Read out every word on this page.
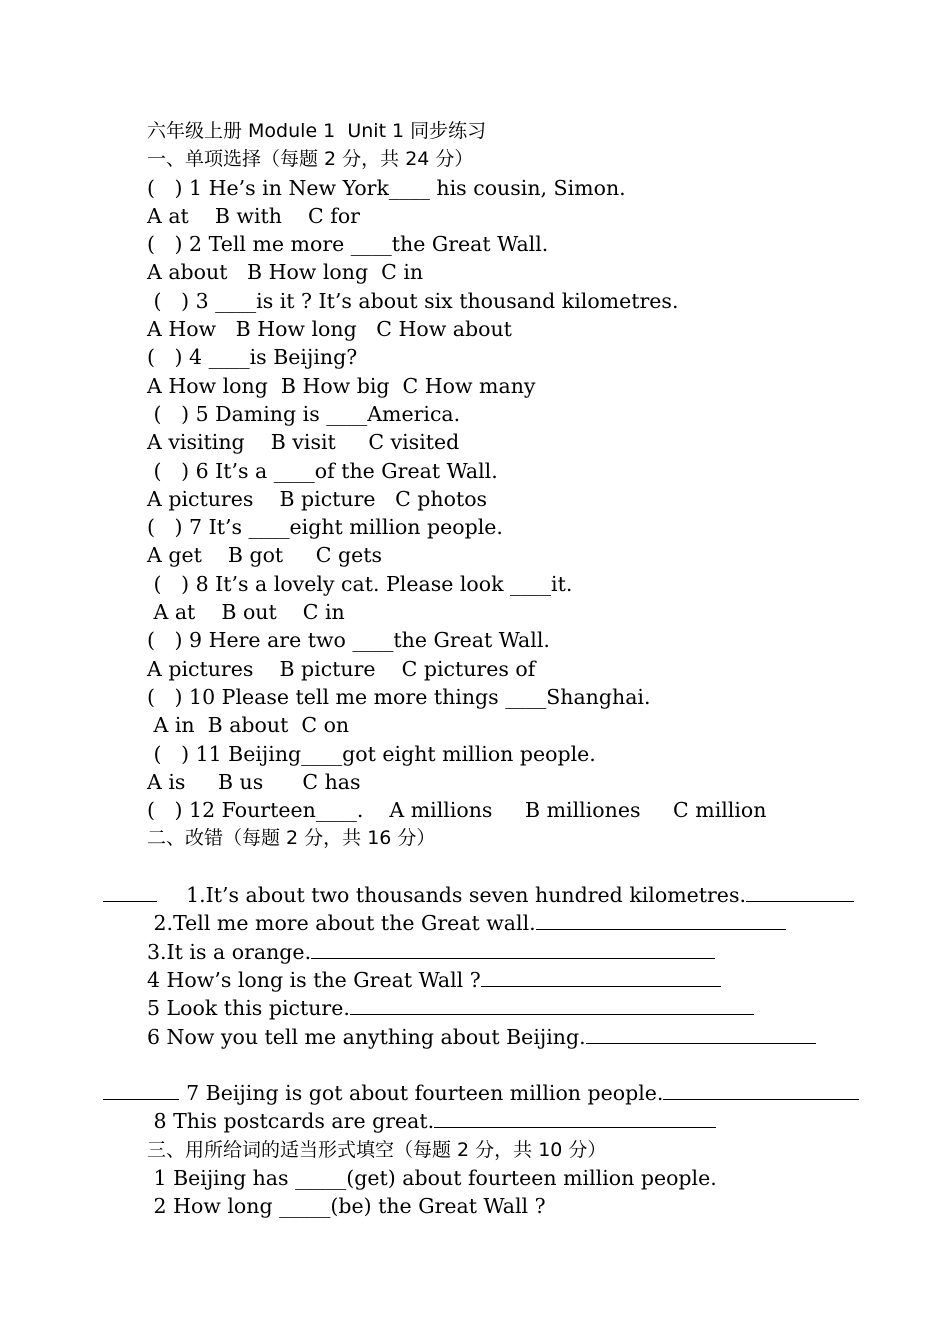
六年级上册 Module 1  Unit 1 同步练习
一、单项选择（每题 2 分，共 24 分）
(   ) 1 He’s in New York____ his cousin, Simon.
A at    B with    C for
(   ) 2 Tell me more ____the Great Wall.
A about   B How long  C in
(   ) 3 ____is it ? It’s about six thousand kilometres.
A How   B How long   C How about
(   ) 4 ____is Beijing?
A How long  B How big  C How many
(   ) 5 Daming is ____America.
A visiting    B visit     C visited
(   ) 6 It’s a ____of the Great Wall.
A pictures    B picture   C photos
(   ) 7 It’s ____eight million people.
A get    B got     C gets
(   ) 8 It’s a lovely cat. Please look ____it.
A at    B out    C in
(   ) 9 Here are two ____the Great Wall.
A pictures    B picture    C pictures of
(   ) 10 Please tell me more things ____Shanghai.
A in  B about  C on
(   ) 11 Beijing____got eight million people.
A is     B us      C has
(   ) 12 Fourteen____.    A millions     B milliones     C million
二、改错（每题 2 分，共 16 分）

1.It’s about two thousands seven hundred kilometres.

2.Tell me more about the Great wall.
3.It is a orange.
4 How’s long is the Great Wall ?
5 Look this picture.
6 Now you tell me anything about Beijing.

7 Beijing is got about fourteen million people.

8 This postcards are great.
三、用所给词的适当形式填空（每题 2 分，共 10 分）
1 Beijing has _____(get) about fourteen million people.
2 How long _____(be) the Great Wall ?
